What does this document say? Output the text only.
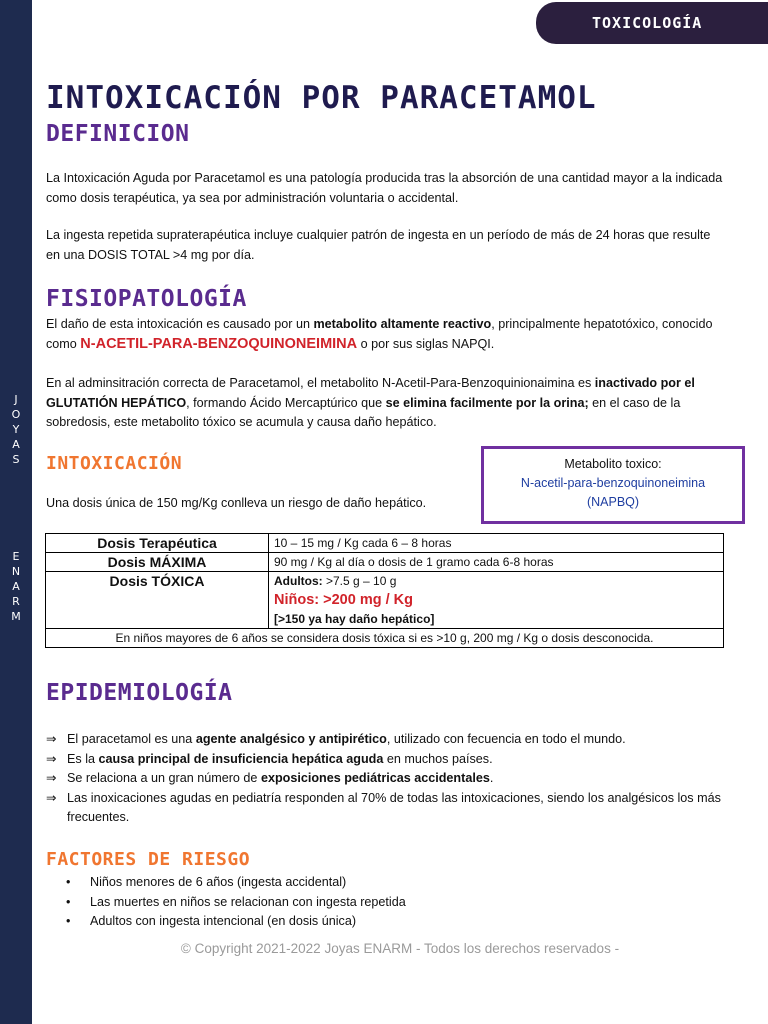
J
O
Y
A
S
E
N
A
R
M
TOXICOLOGÍA
INTOXICACIÓN POR PARACETAMOL
DEFINICION
La Intoxicación Aguda por Paracetamol es una patología producida tras la absorción de una cantidad mayor a la indicada como dosis terapéutica, ya sea por administración voluntaria o accidental.
La ingesta repetida supraterapéutica incluye cualquier patrón de ingesta en un período de más de 24 horas que resulte en una DOSIS TOTAL >4 mg por día.
FISIOPATOLOGÍA
El daño de esta intoxicación es causado por un metabolito altamente reactivo, principalmente hepatotóxico, conocido como N-ACETIL-PARA-BENZOQUINONEIMINA o por sus siglas NAPQI.
En al adminsitración correcta de Paracetamol, el metabolito N-Acetil-Para-Benzoquinionaimina es inactivado por el GLUTATIÓN HEPÁTICO, formando Ácido Mercaptúrico que se elimina facilmente por la orina; en el caso de la sobredosis, este metabolito tóxico se acumula y causa daño hepático.
INTOXICACIÓN
Una dosis única de 150 mg/Kg conlleva un riesgo de daño hepático.
Metabolito toxico:
N-acetil-para-benzoquinoneimina
(NAPBQ)
Dosis Terapéutica	10 – 15 mg / Kg cada 6 – 8 horas
Dosis MÁXIMA	90 mg / Kg al día o dosis de 1 gramo cada 6-8 horas
Dosis TÓXICA	Adultos: >7.5 g – 10 g
Niños: >200 mg / Kg
[>150 ya hay daño hepático]

En niños mayores de 6 años se considera dosis tóxica si es >10 g, 200 mg / Kg o dosis desconocida.	
EPIDEMIOLOGÍA
⇒ El paracetamol es una agente analgésico y antipirético, utilizado con fecuencia en todo el mundo.
⇒ Es la causa principal de insuficiencia hepática aguda en muchos países.
⇒ Se relaciona a un gran número de exposiciones pediátricas accidentales.
⇒ Las inoxicaciones agudas en pediatría responden al 70% de todas las intoxicaciones, siendo los analgésicos los más frecuentes.
FACTORES DE RIESGO
• Niños menores de 6 años (ingesta accidental)
• Las muertes en niños se relacionan con ingesta repetida
• Adultos con ingesta intencional (en dosis única)
© Copyright 2021-2022 Joyas ENARM - Todos los derechos reservados -
